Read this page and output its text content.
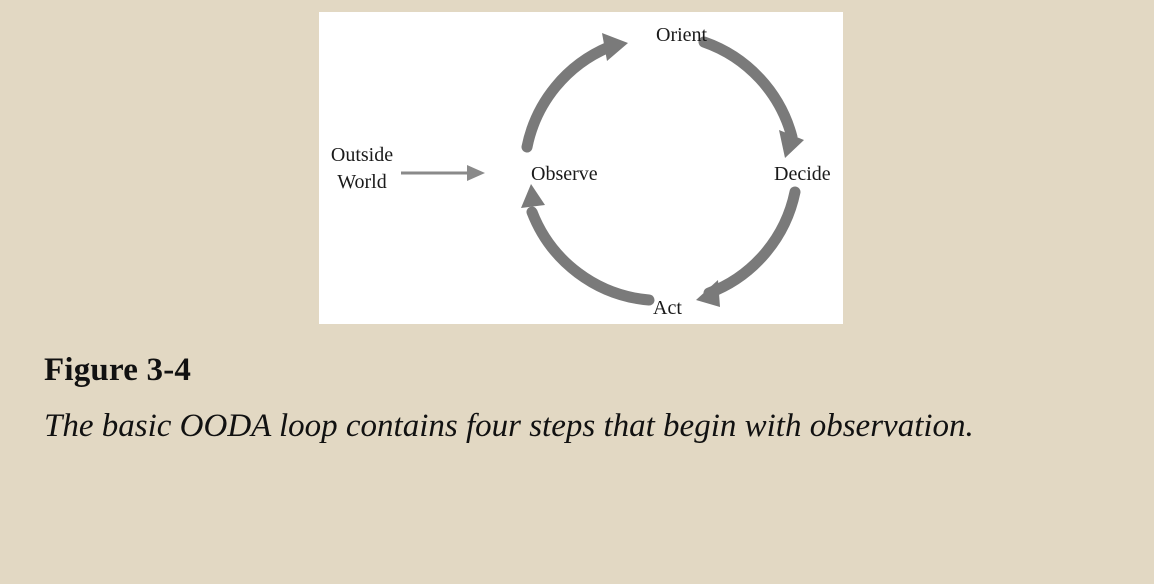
Outside
World	Observe
Orient
Decide
Act

Figure 3-4

The basic OODA loop contains four steps that begin with observation.
